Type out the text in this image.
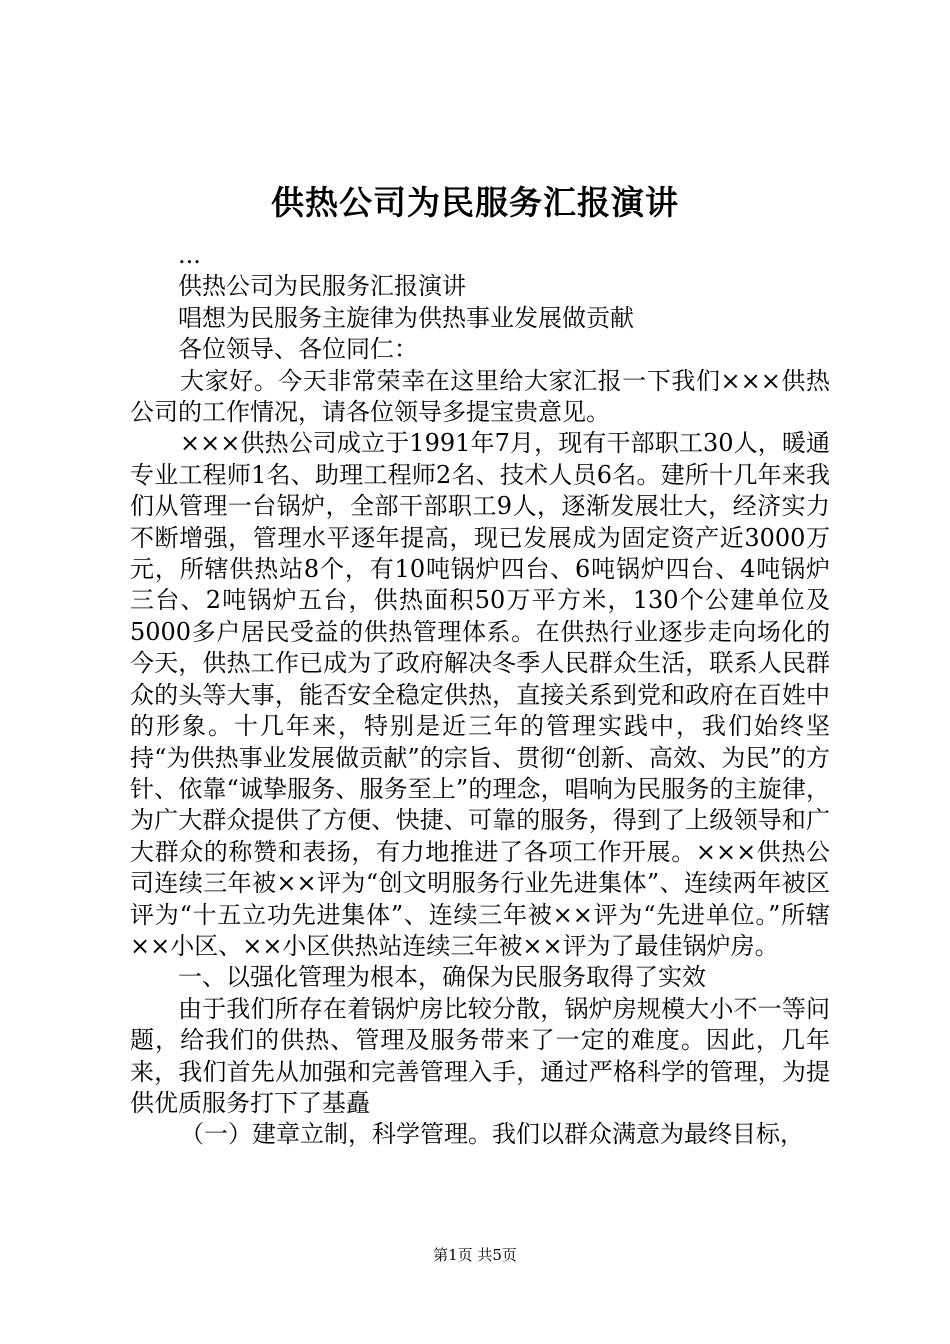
供热公司为民服务汇报演讲

...

供热公司为民服务汇报演讲

唱想为民服务主旋律为供热事业发展做贡献

各位领导、各位同仁：

大家好。今天非常荣幸在这里给大家汇报一下我们×××供热公司的工作情况，请各位领导多提宝贵意见。

×××供热公司成立于1991年7月，现有干部职工30人，暖通专业工程师1名、助理工程师2名、技术人员6名。建所十几年来我们从管理一台锅炉，全部干部职工9人，逐渐发展壮大，经济实力不断增强，管理水平逐年提高，现已发展成为固定资产近3000万元，所辖供热站8个，有10吨锅炉四台、6吨锅炉四台、4吨锅炉三台、2吨锅炉五台，供热面积50万平方米，130个公建单位及5000多户居民受益的供热管理体系。在供热行业逐步走向场化的今天，供热工作已成为了政府解决冬季人民群众生活，联系人民群众的头等大事，能否安全稳定供热，直接关系到党和政府在百姓中的形象。十几年来，特别是近三年的管理实践中，我们始终坚持“为供热事业发展做贡献”的宗旨、贯彻“创新、高效、为民”的方针、依靠“诚挚服务、服务至上”的理念，唱响为民服务的主旋律，为广大群众提供了方便、快捷、可靠的服务，得到了上级领导和广大群众的称赞和表扬，有力地推进了各项工作开展。×××供热公司连续三年被××评为“创文明服务行业先进集体”、连续两年被区评为“十五立功先进集体”、连续三年被××评为“先进单位。”所辖××小区、××小区供热站连续三年被××评为了最佳锅炉房。

一、以强化管理为根本，确保为民服务取得了实效

由于我们所存在着锅炉房比较分散，锅炉房规模大小不一等问题，给我们的供热、管理及服务带来了一定的难度。因此，几年来，我们首先从加强和完善管理入手，通过严格科学的管理，为提供优质服务打下了基矗

（一）建章立制，科学管理。我们以群众满意为最终目标，

第1页 共5页
